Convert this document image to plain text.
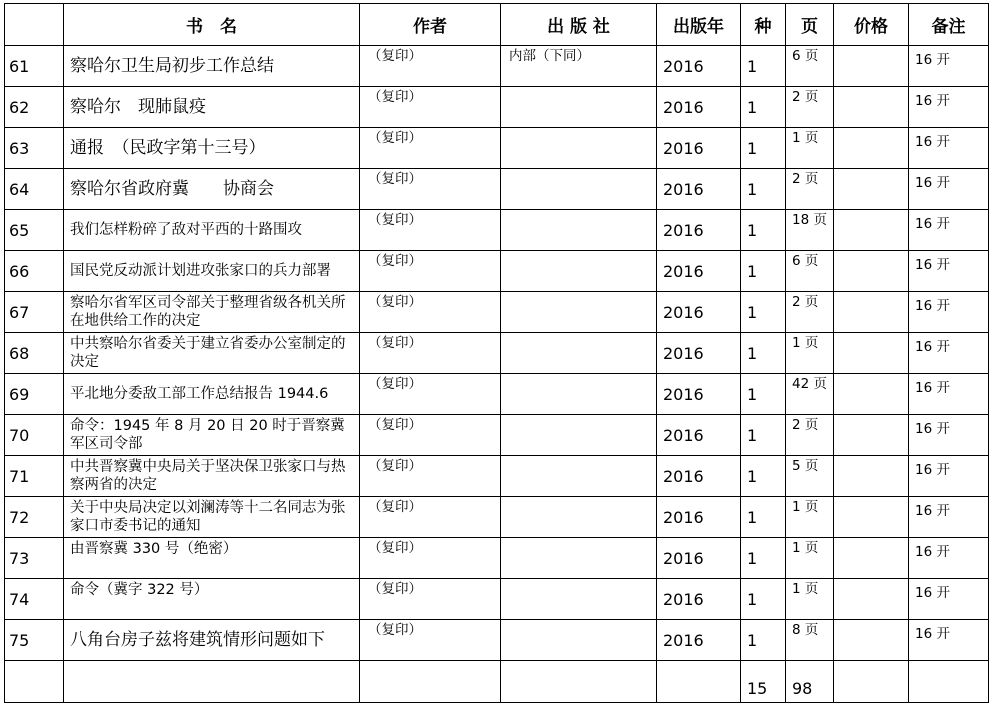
	书　名	作者	出 版 社	出版年	种	页	价格	备注
61	察哈尔卫生局初步工作总结	（复印）	内部（下同）	2016	1	6 页		16 开
62	察哈尔　现肺鼠疫	（复印）		2016	1	2 页		16 开
63	通报　（民政字第十三号）	（复印）		2016	1	1 页		16 开
64	察哈尔省政府冀　　协商会	（复印）		2016	1	2 页		16 开
65	我们怎样粉碎了敌对平西的十路围攻	（复印）		2016	1	18 页		16 开
66	国民党反动派计划进攻张家口的兵力部署	（复印）		2016	1	6 页		16 开
67	察哈尔省军区司令部关于整理省级各机关所在地供给工作的决定	（复印）		2016	1	2 页		16 开
68	中共察哈尔省委关于建立省委办公室制定的决定	（复印）		2016	1	1 页		16 开
69	平北地分委敌工部工作总结报告 1944.6	（复印）		2016	1	42 页		16 开
70	命令：1945 年 8 月 20 日 20 时于晋察冀军区司令部	（复印）		2016	1	2 页		16 开
71	中共晋察冀中央局关于坚决保卫张家口与热察两省的决定	（复印）		2016	1	5 页		16 开
72	关于中央局决定以刘澜涛等十二名同志为张家口市委书记的通知	（复印）		2016	1	1 页		16 开
73	由晋察冀 330 号（绝密）	（复印）		2016	1	1 页		16 开
74	命令（冀字 322 号）	（复印）		2016	1	1 页		16 开
75	八角台房子兹将建筑情形问题如下	（复印）		2016	1	8 页		16 开
					15	98		
